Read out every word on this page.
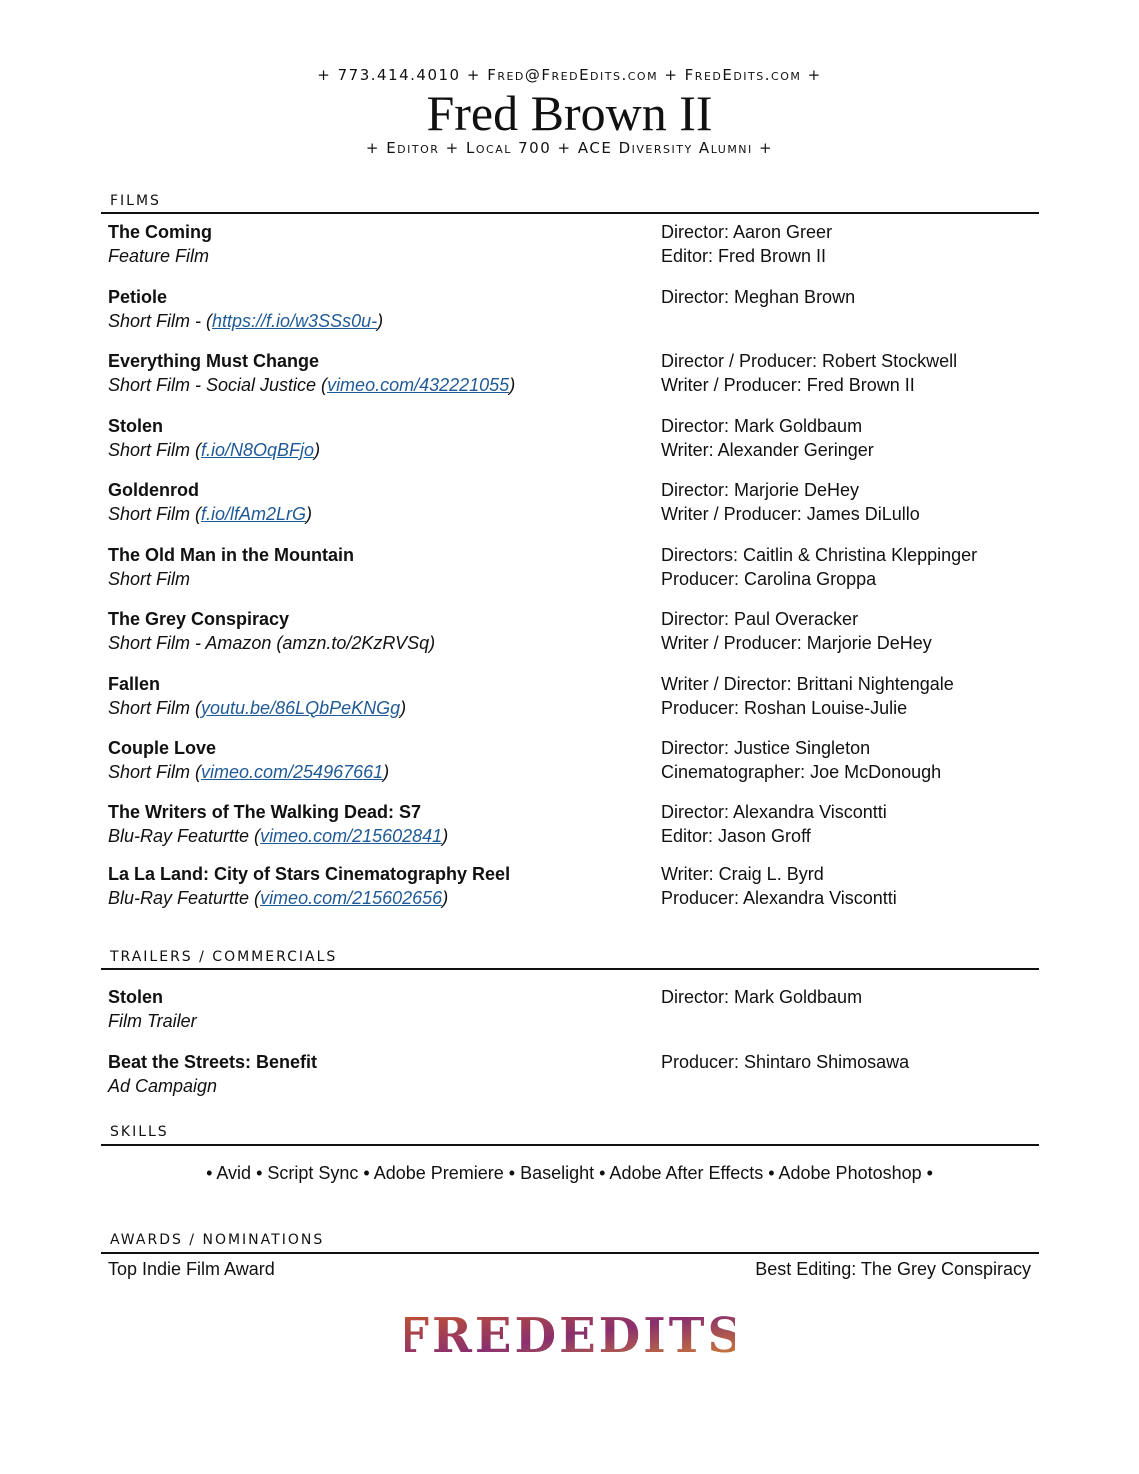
+ 773.414.4010 + Fred@FredEdits.com + FredEdits.com +
Fred Brown II
+ Editor + Local 700 + ACE Diversity Alumni +
FILMS
The Coming
Feature Film
Director: Aaron Greer
Editor: Fred Brown II
Petiole
Short Film - (https://f.io/w3SSs0u-)
Director: Meghan Brown
Everything Must Change
Short Film - Social Justice (vimeo.com/432221055)
Director / Producer: Robert Stockwell
Writer / Producer: Fred Brown II
Stolen
Short Film (f.io/N8OqBFjo)
Director: Mark Goldbaum
Writer: Alexander Geringer
Goldenrod
Short Film (f.io/lfAm2LrG)
Director: Marjorie DeHey
Writer / Producer: James DiLullo
The Old Man in the Mountain
Short Film
Directors: Caitlin & Christina Kleppinger
Producer: Carolina Groppa
The Grey Conspiracy
Short Film - Amazon (amzn.to/2KzRVSq)
Director: Paul Overacker
Writer / Producer: Marjorie DeHey
Fallen
Short Film (youtu.be/86LQbPeKNGg)
Writer / Director: Brittani Nightengale
Producer: Roshan Louise-Julie
Couple Love
Short Film (vimeo.com/254967661)
Director: Justice Singleton
Cinematographer: Joe McDonough
The Writers of The Walking Dead: S7
Blu-Ray Featurtte (vimeo.com/215602841)
Director: Alexandra Viscontti
Editor: Jason Groff
La La Land: City of Stars Cinematography Reel
Blu-Ray Featurtte (vimeo.com/215602656)
Writer: Craig L. Byrd
Producer: Alexandra Viscontti
TRAILERS / COMMERCIALS
Stolen
Film Trailer
Director: Mark Goldbaum
Beat the Streets: Benefit
Ad Campaign
Producer: Shintaro Shimosawa
SKILLS
• Avid • Script Sync • Adobe Premiere • Baselight • Adobe After Effects • Adobe Photoshop •
AWARDS / NOMINATIONS
Top Indie Film Award	Best Editing: The Grey Conspiracy
FREDEDITS
